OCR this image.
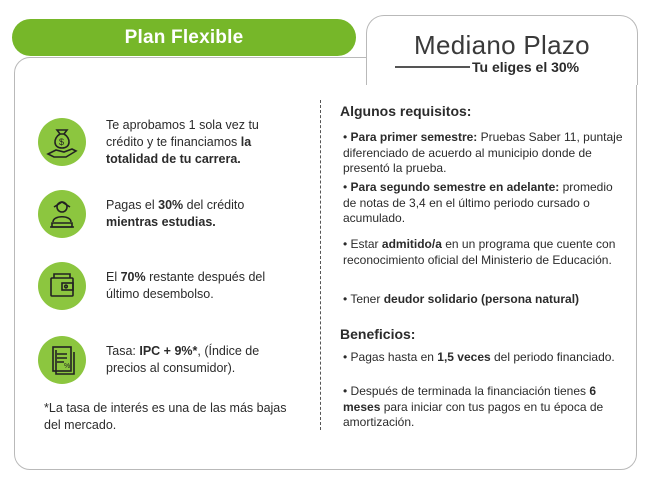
Mediano Plazo
Tu eliges el 30%
Plan Flexible
$
Te aprobamos 1 sola vez tu crédito y te financiamos la totalidad de tu carrera.
Pagas el 30% del crédito mientras estudias.
El 70% restante después del último desembolso.
%
Tasa: IPC + 9%*, (Índice de precios al consumidor).
*La tasa de interés es una de las más bajas del mercado.
Algunos requisitos:
• Para primer semestre: Pruebas Saber 11, puntaje diferenciado de acuerdo al municipio donde de presentó la prueba.
• Para segundo semestre en adelante: promedio de notas de 3,4 en el último periodo cursado o acumulado.
• Estar admitido/a en un programa que cuente con reconocimiento oficial del Ministerio de Educación.
• Tener deudor solidario (persona natural)
Beneficios:
• Pagas hasta en 1,5 veces del periodo financiado.
• Después de terminada la financiación tienes 6 meses para iniciar con tus pagos en tu época de amortización.
